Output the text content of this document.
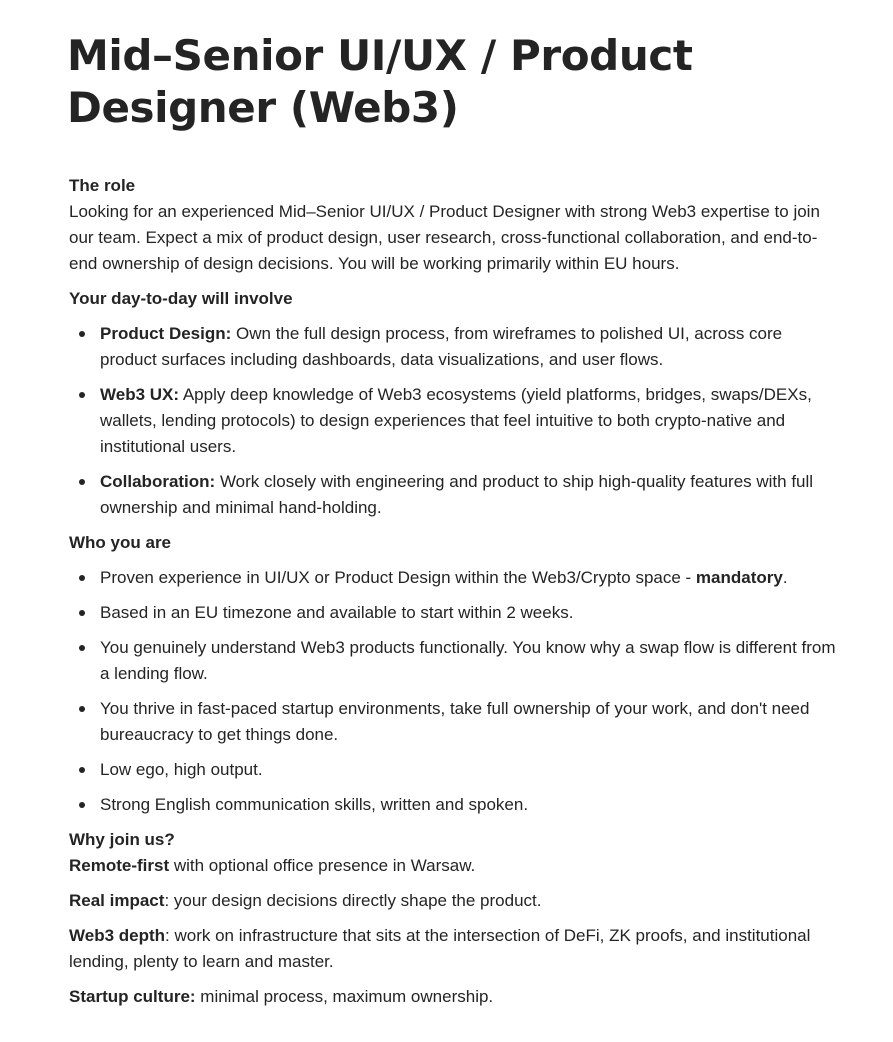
Mid–Senior UI/UX / Product Designer (Web3)

The role

Looking for an experienced Mid–Senior UI/UX / Product Designer with strong Web3 expertise to join our team. Expect a mix of product design, user research, cross-functional collaboration, and end-to-end ownership of design decisions. You will be working primarily within EU hours.

Your day-to-day will involve

Product Design: Own the full design process, from wireframes to polished UI, across core product surfaces including dashboards, data visualizations, and user flows.
Web3 UX: Apply deep knowledge of Web3 ecosystems (yield platforms, bridges, swaps/DEXs, wallets, lending protocols) to design experiences that feel intuitive to both crypto-native and institutional users.
Collaboration: Work closely with engineering and product to ship high-quality features with full ownership and minimal hand-holding.

Who you are

Proven experience in UI/UX or Product Design within the Web3/Crypto space - mandatory.
Based in an EU timezone and available to start within 2 weeks.
You genuinely understand Web3 products functionally. You know why a swap flow is different from a lending flow.
You thrive in fast-paced startup environments, take full ownership of your work, and don't need bureaucracy to get things done.
Low ego, high output.
Strong English communication skills, written and spoken.

Why join us?

Remote-first with optional office presence in Warsaw.

Real impact: your design decisions directly shape the product.

Web3 depth: work on infrastructure that sits at the intersection of DeFi, ZK proofs, and institutional lending, plenty to learn and master.

Startup culture: minimal process, maximum ownership.
